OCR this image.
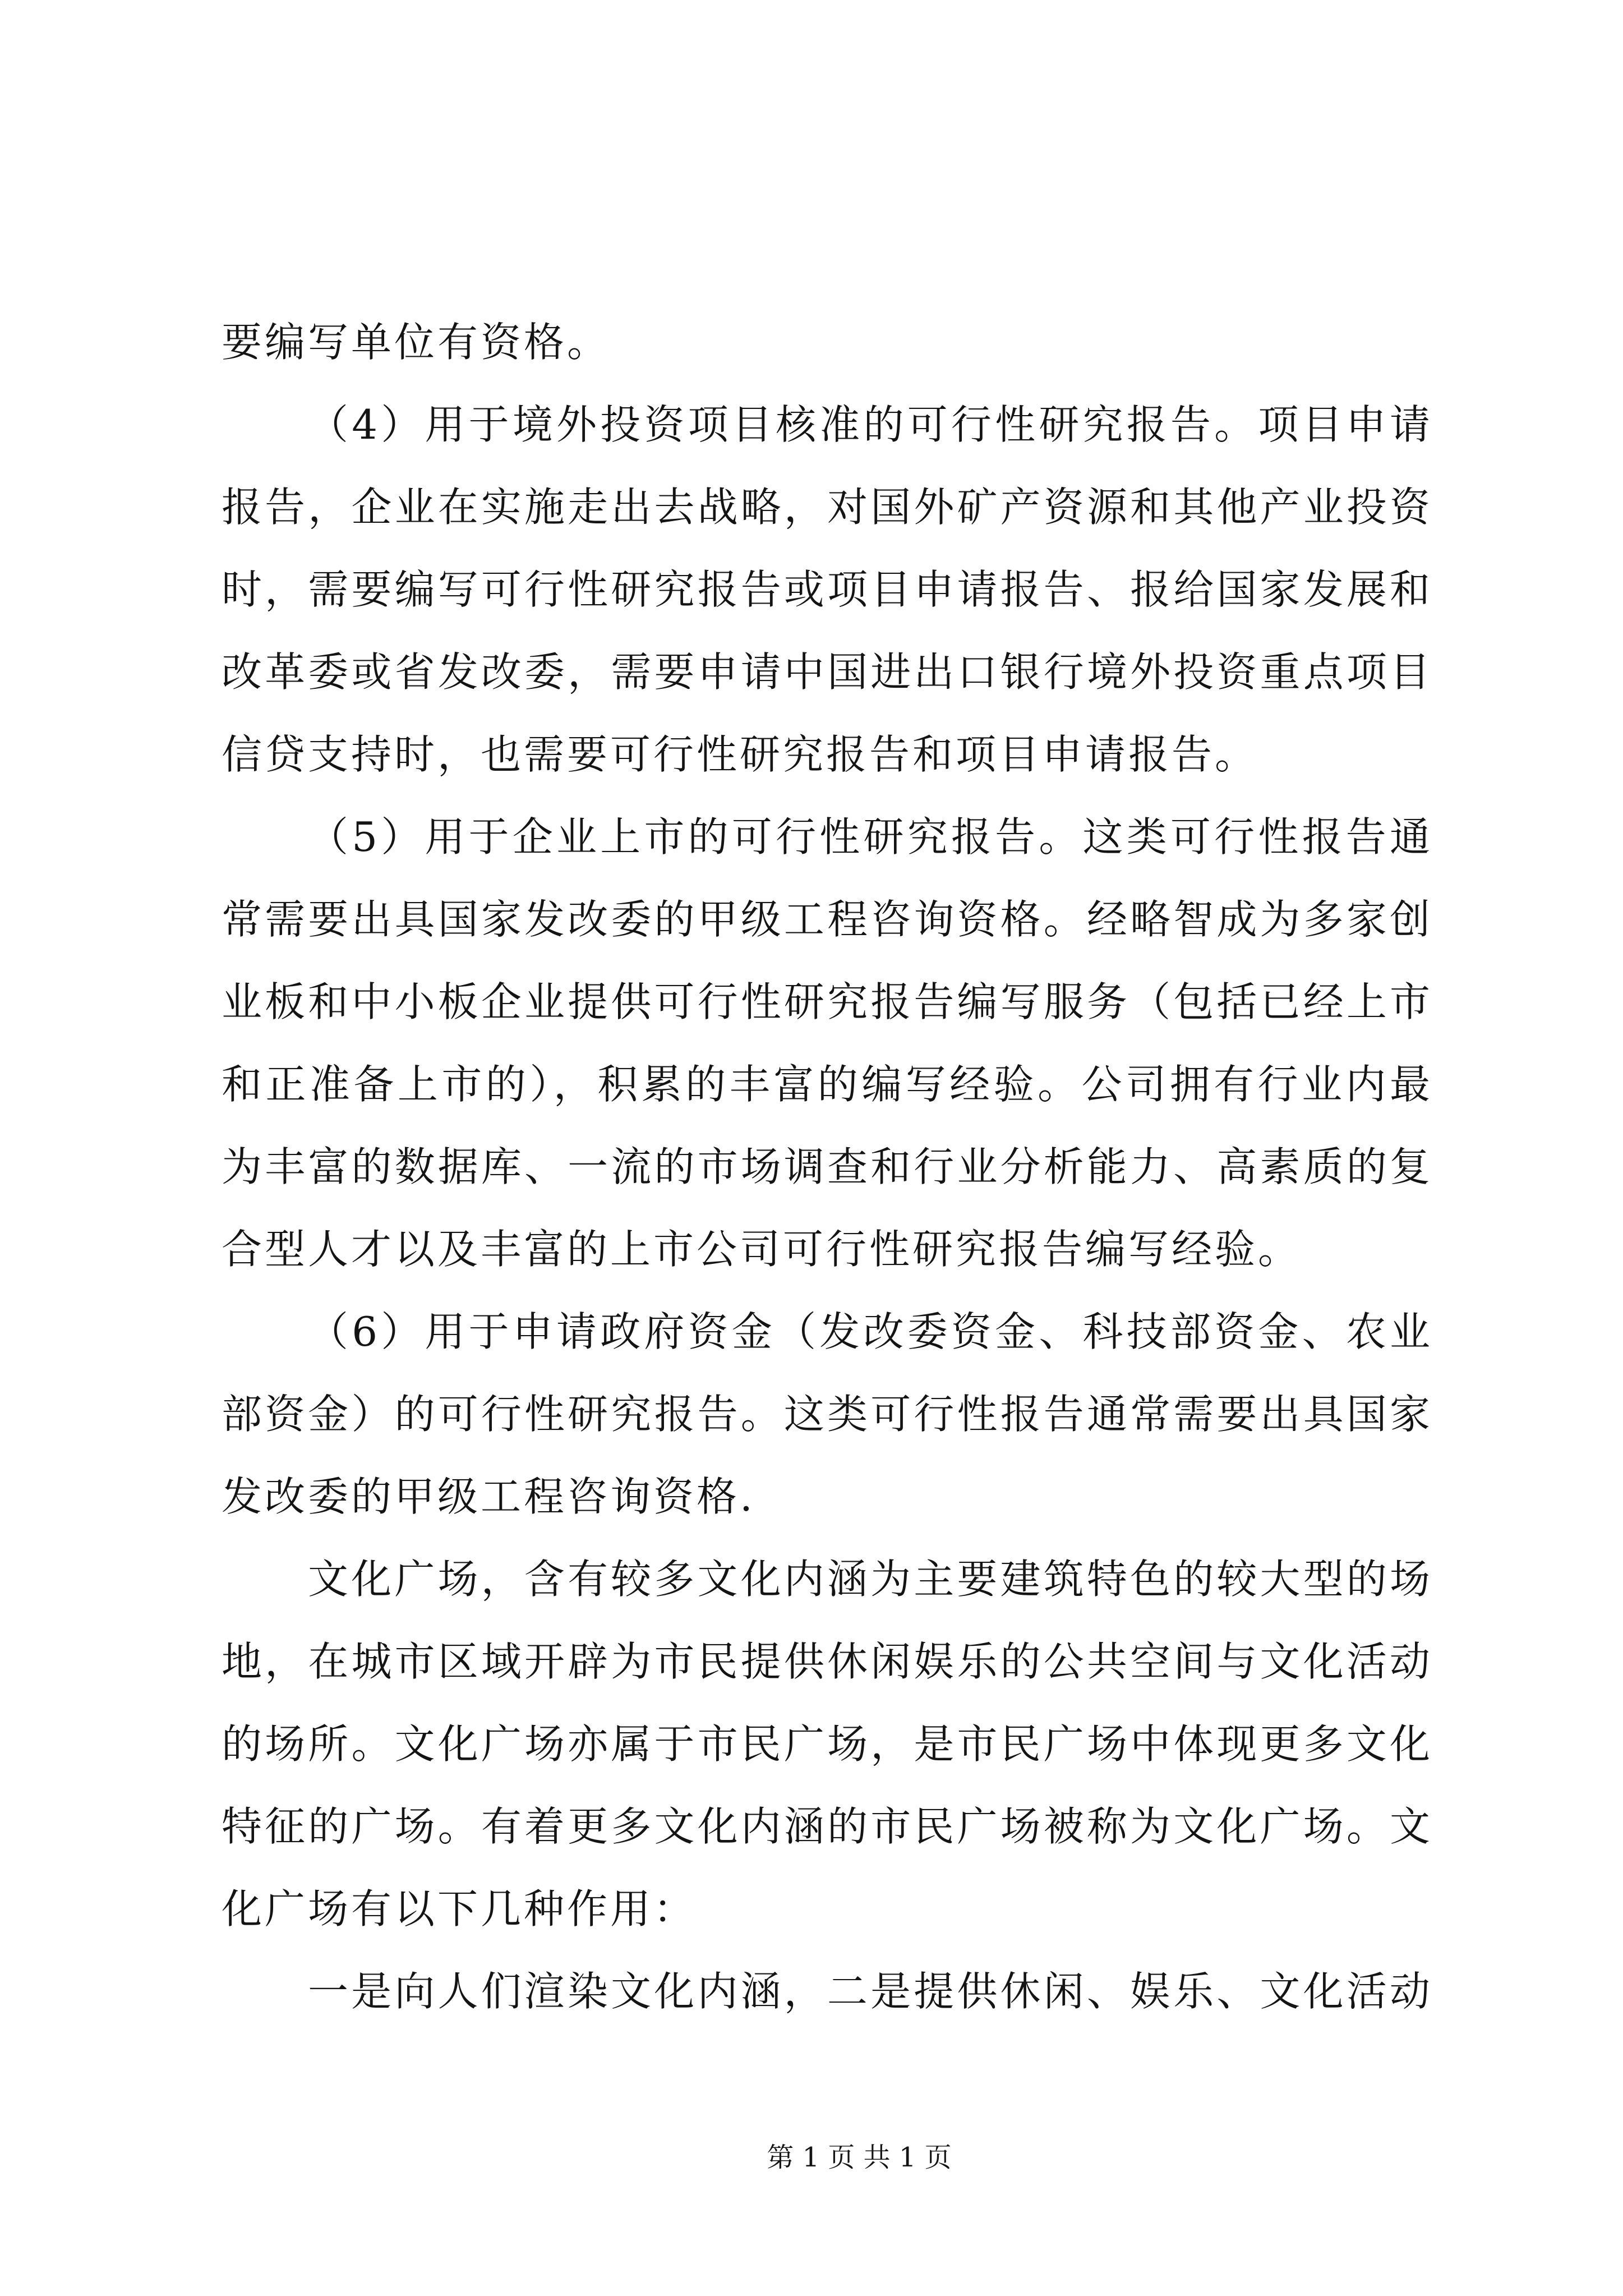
要编写单位有资格。
（4）用于境外投资项目核准的可行性研究报告。项目申请
报告，企业在实施走出去战略，对国外矿产资源和其他产业投资
时，需要编写可行性研究报告或项目申请报告、报给国家发展和
改革委或省发改委，需要申请中国进出口银行境外投资重点项目
信贷支持时，也需要可行性研究报告和项目申请报告。
（5）用于企业上市的可行性研究报告。这类可行性报告通
常需要出具国家发改委的甲级工程咨询资格。经略智成为多家创
业板和中小板企业提供可行性研究报告编写服务（包括已经上市
和正准备上市的），积累的丰富的编写经验。公司拥有行业内最
为丰富的数据库、一流的市场调查和行业分析能力、高素质的复
合型人才以及丰富的上市公司可行性研究报告编写经验。
（6）用于申请政府资金（发改委资金、科技部资金、农业
部资金）的可行性研究报告。这类可行性报告通常需要出具国家
发改委的甲级工程咨询资格.
文化广场，含有较多文化内涵为主要建筑特色的较大型的场
地，在城市区域开辟为市民提供休闲娱乐的公共空间与文化活动
的场所。文化广场亦属于市民广场，是市民广场中体现更多文化
特征的广场。有着更多文化内涵的市民广场被称为文化广场。文
化广场有以下几种作用：
一是向人们渲染文化内涵，二是提供休闲、娱乐、文化活动
第 1 页 共 1 页
